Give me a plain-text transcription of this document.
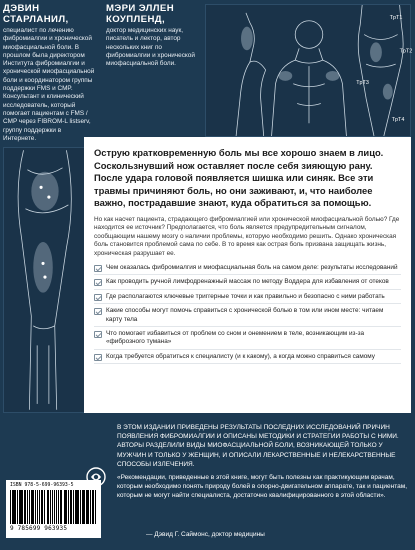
ДЭВИН СТАРЛАНИЛ,
специалист по лечению фибромиалгии и хронической миофасциальной боли. В прошлом была директором Института фибромиалгии и хронической миофасциальной боли и координатором группы поддержки FMS и CMP. Консультант и клинический исследователь, который помогает пациентам с FMS / CMP через FIBROM-L listserv, группу поддержки в Интернете.
МЭРИ ЭЛЛЕН КОУПЛЕНД,
доктор медицинских наук, писатель и лектор, автор нескольких книг по фибромиалгии и хронической миофасциальной боли.
TpT1
TpT2
TpT3
TpT4

Острую кратковременную боль мы все хорошо знаем в лицо. Соскользнувший нож оставляет после себя зияющую рану. После удара головой появляется шишка или синяк. Все эти травмы причиняют боль, но они заживают, и, что наиболее важно, пострадавшие знают, куда обратиться за помощью.

Но как насчет пациента, страдающего фибромиалгией или хронической миофасциальной болью? Где находится ее источник? Предполагается, что боль является предупредительным сигналом, сообщающим нашему мозгу о наличии проблемы, которую необходимо решить. Однако хроническая боль становится проблемой сама по себе. В то время как острая боль призвана защищать жизнь, хроническая разрушает ее.

Чем оказалась фибромиалгия и миофасциальная боль на самом деле: результаты исследований
Как проводить ручной лимфодренажный массаж по методу Воддера для избавления от отеков
Где располагаются ключевые триггерные точки и как правильно и безопасно с ними работать
Какие способы могут помочь справиться с хронической болью в том или ином месте: читаем карту тела
Что помогает избавиться от проблем со сном и онемением в теле, возникающим из-за «фиброзного тумана»
Когда требуется обратиться к специалисту (и к какому), а когда можно справиться самому

В ЭТОМ ИЗДАНИИ ПРИВЕДЕНЫ РЕЗУЛЬТАТЫ ПОСЛЕДНИХ ИССЛЕДОВАНИЙ ПРИЧИН ПОЯВЛЕНИЯ ФИБРОМИАЛГИИ И ОПИСАНЫ МЕТОДИКИ И СТРАТЕГИИ РАБОТЫ С НИМИ. АВТОРЫ РАЗДЕЛИЛИ ВИДЫ МИОФАСЦИАЛЬНОЙ БОЛИ, ВОЗНИКАЮЩЕЙ ТОЛЬКО У МУЖЧИН И ТОЛЬКО У ЖЕНЩИН, И ОПИСАЛИ ЛЕКАРСТВЕННЫЕ И НЕЛЕКАРСТВЕННЫЕ СПОСОБЫ ИЗЛЕЧЕНИЯ.

«Рекомендации, приведенные в этой книге, могут быть полезны как практикующим врачам, которым необходимо понять природу болей в опорно-двигательном аппарате, так и пациентам, которым не могут найти специалиста, достаточно квалифицированного в этой области».

— Дэвид Г. Саймонс, доктор медицины

ISBN 978-5-699-96393-5
9 785699 963935
